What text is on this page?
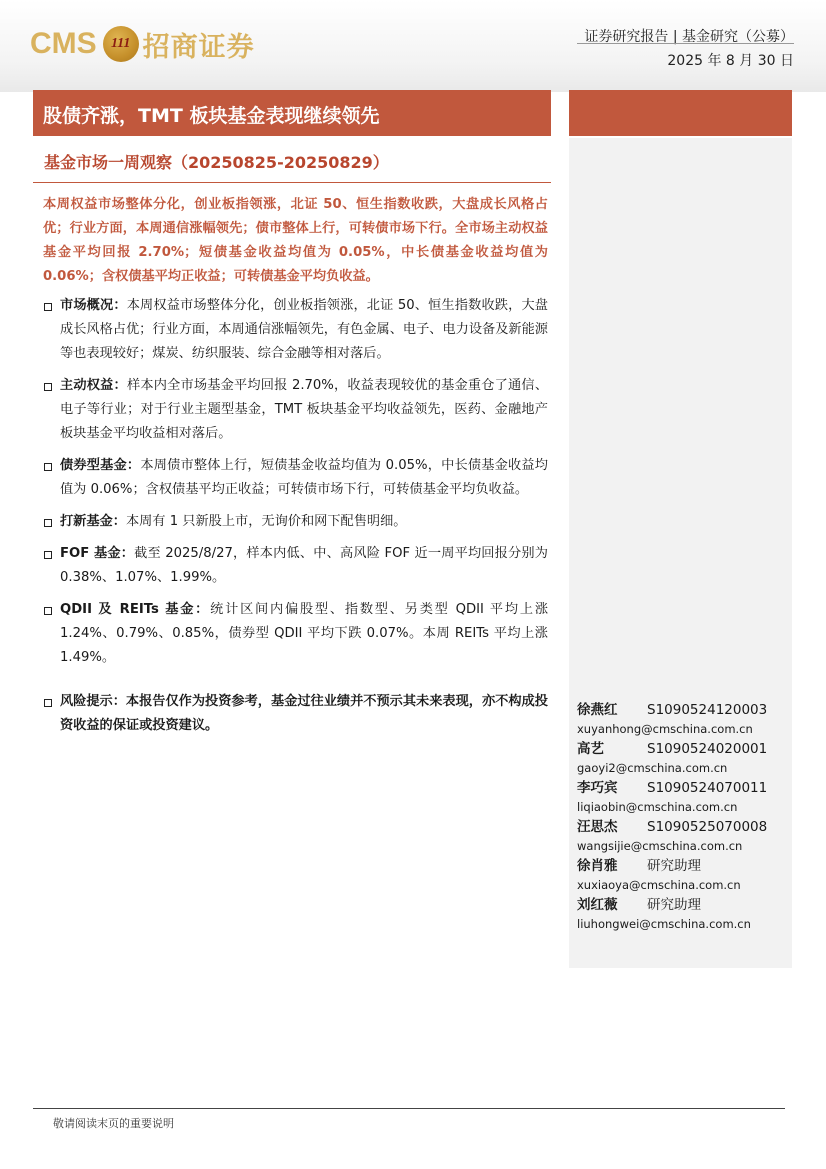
CMS	111 招商证券	证券研究报告 | 基金研究（公募）
2025 年 8 月 30 日
股债齐涨，TMT 板块基金表现继续领先
基金市场一周观察（20250825-20250829）

本周权益市场整体分化，创业板指领涨，北证 50、恒生指数收跌，大盘成长风格占优；行业方面，本周通信涨幅领先；债市整体上行，可转债市场下行。全市场主动权益基金平均回报 2.70%；短债基金收益均值为 0.05%，中长债基金收益均值为 0.06%；含权债基平均正收益；可转债基金平均负收益。

市场概况：本周权益市场整体分化，创业板指领涨，北证 50、恒生指数收跌，大盘成长风格占优；行业方面，本周通信涨幅领先，有色金属、电子、电力设备及新能源等也表现较好；煤炭、纺织服装、综合金融等相对落后。
主动权益：样本内全市场基金平均回报 2.70%，收益表现较优的基金重仓了通信、电子等行业；对于行业主题型基金，TMT 板块基金平均收益领先，医药、金融地产板块基金平均收益相对落后。
债券型基金：本周债市整体上行，短债基金收益均值为 0.05%，中长债基金收益均值为 0.06%；含权债基平均正收益；可转债市场下行，可转债基金平均负收益。
打新基金：本周有 1 只新股上市，无询价和网下配售明细。
FOF 基金：截至 2025/8/27，样本内低、中、高风险 FOF 近一周平均回报分别为 0.38%、1.07%、1.99%。
QDII 及 REITs 基金：统计区间内偏股型、指数型、另类型 QDII 平均上涨 1.24%、0.79%、0.85%，债券型 QDII 平均下跌 0.07%。本周 REITs 平均上涨 1.49%。
风险提示：本报告仅作为投资参考，基金过往业绩并不预示其未来表现，亦不构成投资收益的保证或投资建议。
徐燕红 S1090524120003
xuyanhong@cmschina.com.cn
高艺	S1090524020001
gaoyi2@cmschina.com.cn
李巧宾 S1090524070011
liqiaobin@cmschina.com.cn
汪思杰 S1090525070008
wangsijie@cmschina.com.cn
徐肖雅 研究助理
xuxiaoya@cmschina.com.cn
刘红薇 研究助理
liuhongwei@cmschina.com.cn
敬请阅读末页的重要说明
